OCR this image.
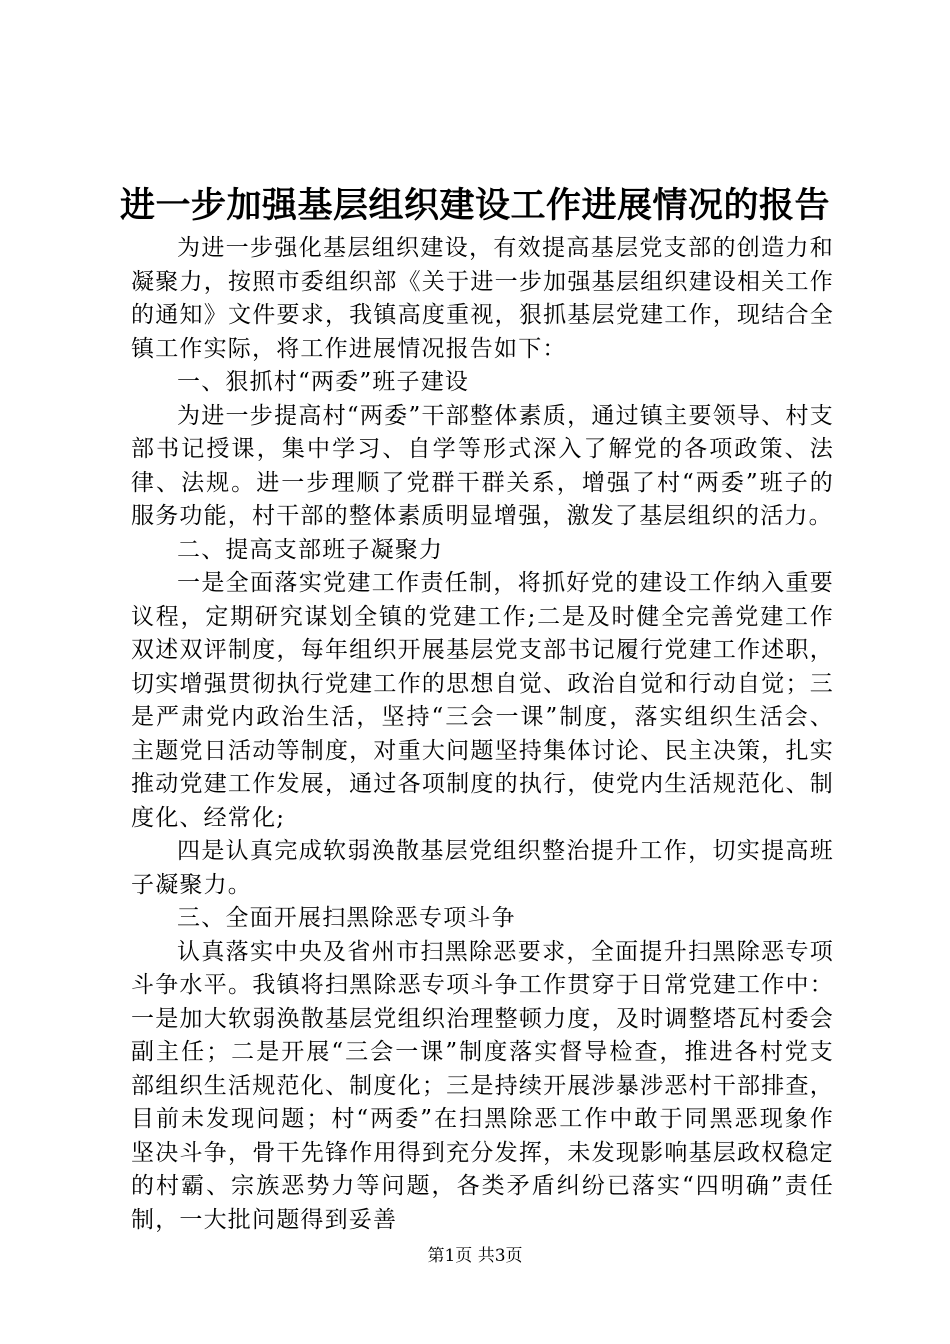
进一步加强基层组织建设工作进展情况的报告

为进一步强化基层组织建设，有效提高基层党支部的创造力和凝聚力，按照市委组织部《关于进一步加强基层组织建设相关工作的通知》文件要求，我镇高度重视，狠抓基层党建工作，现结合全镇工作实际，将工作进展情况报告如下：

一、狠抓村“两委”班子建设

为进一步提高村“两委”干部整体素质，通过镇主要领导、村支部书记授课，集中学习、自学等形式深入了解党的各项政策、法律、法规。进一步理顺了党群干群关系，增强了村“两委”班子的服务功能，村干部的整体素质明显增强，激发了基层组织的活力。

二、提高支部班子凝聚力

一是全面落实党建工作责任制，将抓好党的建设工作纳入重要议程，定期研究谋划全镇的党建工作;二是及时健全完善党建工作双述双评制度，每年组织开展基层党支部书记履行党建工作述职，切实增强贯彻执行党建工作的思想自觉、政治自觉和行动自觉；三是严肃党内政治生活，坚持“三会一课”制度，落实组织生活会、主题党日活动等制度，对重大问题坚持集体讨论、民主决策，扎实推动党建工作发展，通过各项制度的执行，使党内生活规范化、制度化、经常化;

四是认真完成软弱涣散基层党组织整治提升工作，切实提高班子凝聚力。

三、全面开展扫黑除恶专项斗争

认真落实中央及省州市扫黑除恶要求，全面提升扫黑除恶专项斗争水平。我镇将扫黑除恶专项斗争工作贯穿于日常党建工作中：一是加大软弱涣散基层党组织治理整顿力度，及时调整塔瓦村委会副主任；二是开展“三会一课”制度落实督导检查，推进各村党支部组织生活规范化、制度化；三是持续开展涉暴涉恶村干部排查，目前未发现问题；村“两委”在扫黑除恶工作中敢于同黑恶现象作坚决斗争，骨干先锋作用得到充分发挥，未发现影响基层政权稳定的村霸、宗族恶势力等问题，各类矛盾纠纷已落实“四明确”责任制，一大批问题得到妥善

第1页 共3页
